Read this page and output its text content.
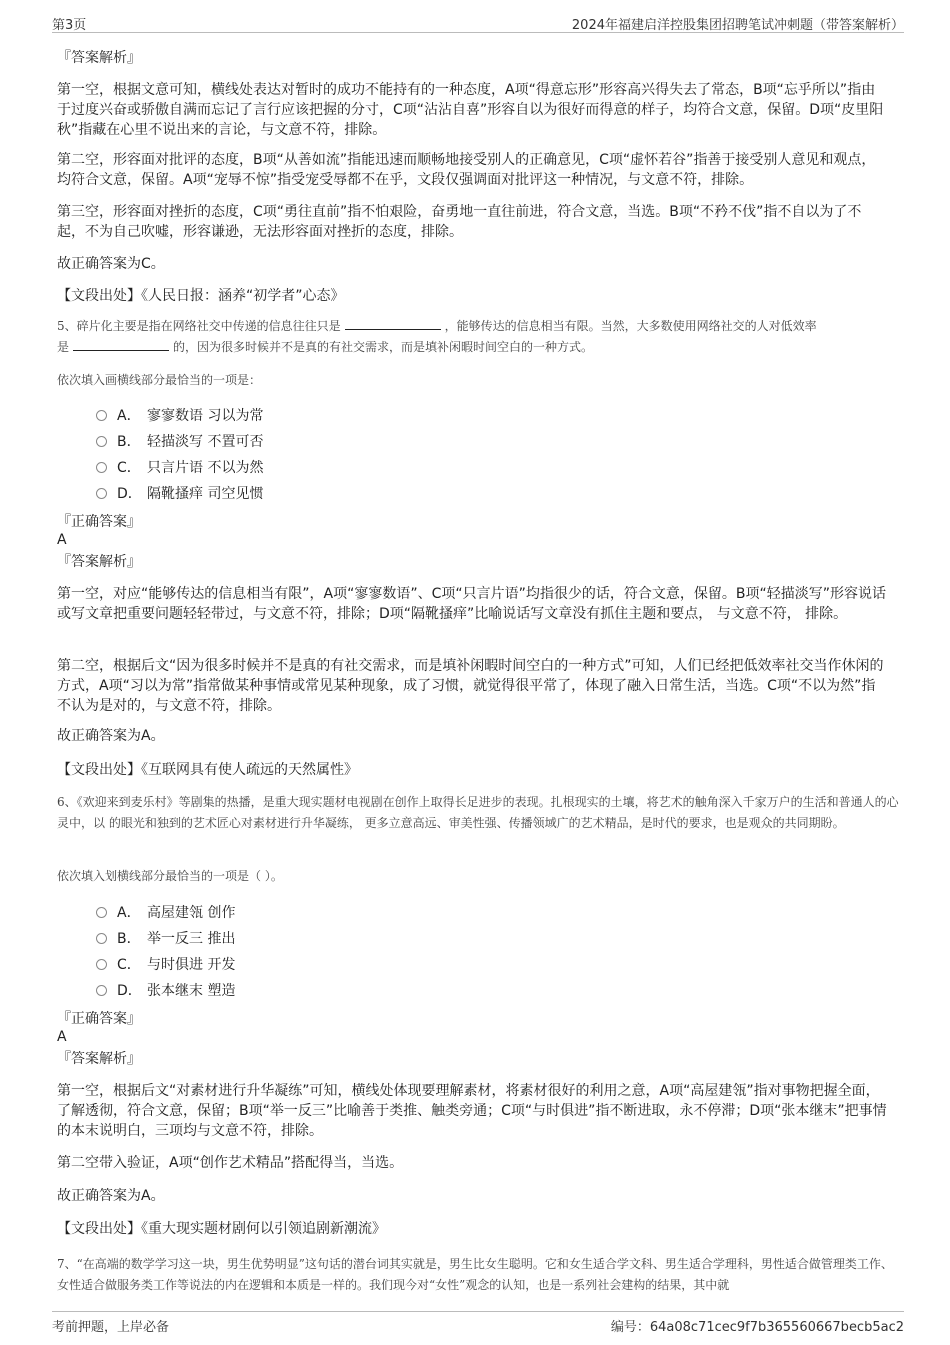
第3页	2024年福建启洋控股集团招聘笔试冲刺题（带答案解析）

『答案解析』

第一空，根据文意可知，横线处表达对暂时的成功不能持有的一种态度，A项“得意忘形”形容高兴得失去了常态，B项“忘乎所以”指由于过度兴奋或骄傲自满而忘记了言行应该把握的分寸，C项“沾沾自喜”形容自以为很好而得意的样子，均符合文意，保留。D项“皮里阳秋”指藏在心里不说出来的言论，与文意不符，排除。

第二空，形容面对批评的态度，B项“从善如流”指能迅速而顺畅地接受别人的正确意见，C项“虚怀若谷”指善于接受别人意见和观点，均符合文意，保留。A项“宠辱不惊”指受宠受辱都不在乎，文段仅强调面对批评这一种情况，与文意不符，排除。

第三空，形容面对挫折的态度，C项“勇往直前”指不怕艰险，奋勇地一直往前进，符合文意，当选。B项“不矜不伐”指不自以为了不起，不为自己吹嘘，形容谦逊，无法形容面对挫折的态度，排除。

故正确答案为C。

【文段出处】《人民日报：涵养“初学者”心态》

5、碎片化主要是指在网络社交中传递的信息往往只是	，能够传达的信息相当有限。当然，大多数使用网络社交的人对低效率
是	的，因为很多时候并不是真的有社交需求，而是填补闲暇时间空白的一种方式。

依次填入画横线部分最恰当的一项是：

A． 寥寥数语 习以为常
B． 轻描淡写 不置可否
C． 只言片语 不以为然
D． 隔靴搔痒 司空见惯

『正确答案』

A

『答案解析』

第一空，对应“能够传达的信息相当有限”，A项“寥寥数语”、C项“只言片语”均指很少的话，符合文意，保留。B项“轻描淡写”形容说话或写文章把重要问题轻轻带过，与文意不符，排除；D项“隔靴搔痒”比喻说话写文章没有抓住主题和要点， 与文意不符， 排除。

第二空，根据后文“因为很多时候并不是真的有社交需求，而是填补闲暇时间空白的一种方式”可知，人们已经把低效率社交当作休闲的方式，A项“习以为常”指常做某种事情或常见某种现象，成了习惯，就觉得很平常了，体现了融入日常生活，当选。C项“不以为然”指不认为是对的，与文意不符，排除。

故正确答案为A。

【文段出处】《互联网具有使人疏远的天然属性》

6、《欢迎来到麦乐村》等剧集的热播，是重大现实题材电视剧在创作上取得长足进步的表现。扎根现实的土壤，将艺术的触角深入千家万户的生活和普通人的心灵中，以 的眼光和独到的艺术匠心对素材进行升华凝练， 更多立意高远、审美性强、传播领域广的艺术精品，是时代的要求，也是观众的共同期盼。

依次填入划横线部分最恰当的一项是（ ）。

A． 高屋建瓴 创作
B． 举一反三 推出
C． 与时俱进 开发
D． 张本继末 塑造

『正确答案』

A

『答案解析』

第一空，根据后文“对素材进行升华凝练”可知，横线处体现要理解素材，将素材很好的利用之意，A项“高屋建瓴”指对事物把握全面，了解透彻，符合文意，保留；B项“举一反三”比喻善于类推、触类旁通；C项“与时俱进”指不断进取，永不停滞；D项“张本继末”把事情的本末说明白，三项均与文意不符，排除。

第二空带入验证，A项“创作艺术精品”搭配得当，当选。

故正确答案为A。

【文段出处】《重大现实题材剧何以引领追剧新潮流》

7、“在高端的数学学习这一块，男生优势明显”这句话的潜台词其实就是，男生比女生聪明。它和女生适合学文科、男生适合学理科，男性适合做管理类工作、女性适合做服务类工作等说法的内在逻辑和本质是一样的。我们现今对“女性”观念的认知，也是一系列社会建构的结果，其中就

考前押题，上岸必备	编号：64a08c71cec9f7b365560667becb5ac2
